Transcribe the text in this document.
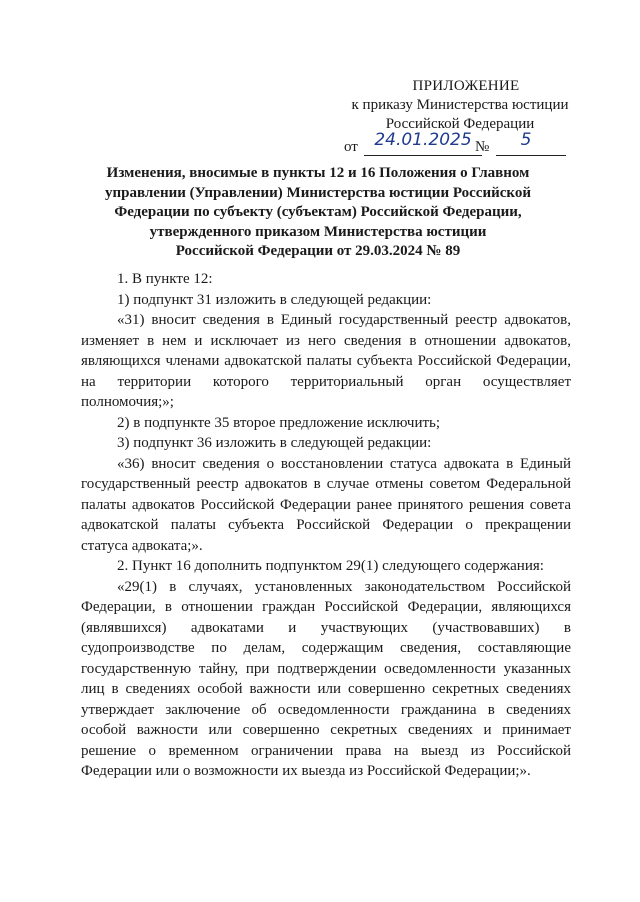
ПРИЛОЖЕНИЕ
к приказу Министерства юстиции
Российской Федерации
от 24.01.2025 №	5
Изменения, вносимые в пункты 12 и 16 Положения о Главном
управлении (Управлении) Министерства юстиции Российской
Федерации по субъекту (субъектам) Российской Федерации,
утвержденного приказом Министерства юстиции
Российской Федерации от 29.03.2024 № 89
1. В пункте 12:
1) подпункт 31 изложить в следующей редакции:
«31) вносит сведения в Единый государственный реестр адвокатов, изменяет в нем и исключает из него сведения в отношении адвокатов, являющихся членами адвокатской палаты субъекта Российской Федерации, на территории которого территориальный орган осуществляет полномочия;»;
2) в подпункте 35 второе предложение исключить;
3) подпункт 36 изложить в следующей редакции:
«36) вносит сведения о восстановлении статуса адвоката в Единый государственный реестр адвокатов в случае отмены советом Федеральной палаты адвокатов Российской Федерации ранее принятого решения совета адвокатской палаты субъекта Российской Федерации о прекращении статуса адвоката;».
2. Пункт 16 дополнить подпунктом 29(1) следующего содержания:
«29(1) в случаях, установленных законодательством Российской Федерации, в отношении граждан Российской Федерации, являющихся (являвшихся) адвокатами и участвующих (участвовавших) в судопроизводстве по делам, содержащим сведения, составляющие государственную тайну, при подтверждении осведомленности указанных лиц в сведениях особой важности или совершенно секретных сведениях утверждает заключение об осведомленности гражданина в сведениях особой важности или совершенно секретных сведениях и принимает решение о временном ограничении права на выезд из Российской Федерации или о возможности их выезда из Российской Федерации;».
